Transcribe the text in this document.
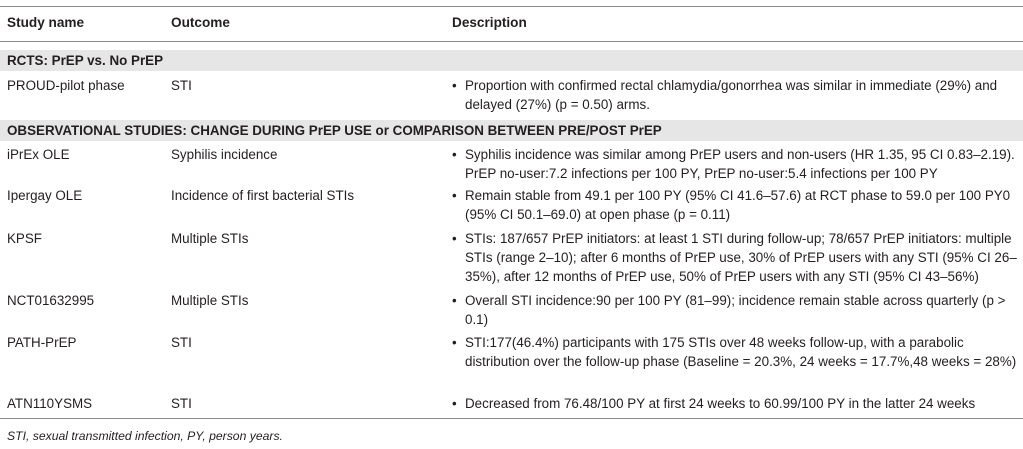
Study name	Outcome	Description
RCTS: PrEP vs. No PrEP
PROUD-pilot phase	STI	• Proportion with confirmed rectal chlamydia/gonorrhea was similar in immediate (29%) and delayed (27%) (p = 0.50) arms.
OBSERVATIONAL STUDIES: CHANGE DURING PrEP USE or COMPARISON BETWEEN PRE/POST PrEP
iPrEx OLE	Syphilis incidence	• Syphilis incidence was similar among PrEP users and non-users (HR 1.35, 95 CI 0.83–2.19). PrEP no-user:7.2 infections per 100 PY, PrEP no-user:5.4 infections per 100 PY
Ipergay OLE	Incidence of first bacterial STIs	• Remain stable from 49.1 per 100 PY (95% CI 41.6–57.6) at RCT phase to 59.0 per 100 PY0 (95% CI 50.1–69.0) at open phase (p = 0.11)
KPSF	Multiple STIs	• STIs: 187/657 PrEP initiators: at least 1 STI during follow-up; 78/657 PrEP initiators: multiple STIs (range 2–10); after 6 months of PrEP use, 30% of PrEP users with any STI (95% CI 26–35%), after 12 months of PrEP use, 50% of PrEP users with any STI (95% CI 43–56%)
NCT01632995	Multiple STIs	• Overall STI incidence:90 per 100 PY (81–99); incidence remain stable across quarterly (p > 0.1)
PATH-PrEP	STI	• STI:177(46.4%) participants with 175 STIs over 48 weeks follow-up, with a parabolic distribution over the follow-up phase (Baseline = 20.3%, 24 weeks = 17.7%,48 weeks = 28%)
ATN110YSMS	STI	• Decreased from 76.48/100 PY at first 24 weeks to 60.99/100 PY in the latter 24 weeks
STI, sexual transmitted infection, PY, person years.
